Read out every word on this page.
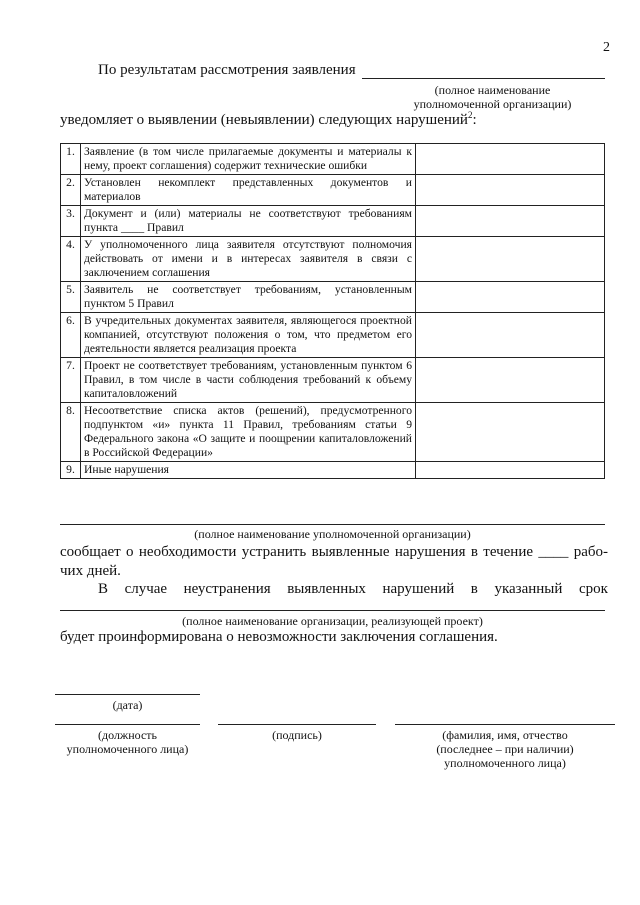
2
По результатам рассмотрения заявления
(полное наименование
уполномоченной организации)
уведомляет о выявлении (невыявлении) следующих нарушений$^2$:
1.	Заявление (в том числе прилагаемые документы и материалы к нему, проект соглашения) содержит технические ошибки	
2.	Установлен некомплект представленных документов и материалов	
3.	Документ и (или) материалы не соответствуют требованиям пункта ____ Правил	
4.	У уполномоченного лица заявителя отсутствуют полномочия действовать от имени и в интересах заявителя в связи с заключением соглашения	
5.	Заявитель не соответствует требованиям, установленным пунктом 5 Правил	
6.	В учредительных документах заявителя, являющегося проектной компанией, отсутствуют положения о том, что предметом его деятельности является реализация проекта	
7.	Проект не соответствует требованиям, установленным пунктом 6 Правил, в том числе в части соблюдения требований к объему капиталовложений	
8.	Несоответствие списка актов (решений), предусмотренного подпунктом «и» пункта 11 Правил, требованиям статьи 9 Федерального закона «О защите и поощрении капиталовложений в Российской Федерации»	
9.	Иные нарушения	
(полное наименование уполномоченной организации)
сообщает о необходимости устранить выявленные нарушения в течение ____ рабо-
чих дней.
В случае неустранения выявленных нарушений в указанный срок
(полное наименование организации, реализующей проект)
будет проинформирована о невозможности заключения соглашения.
(дата)
(должность
уполномоченного лица)
(подпись)	(фамилия, имя, отчество
(последнее – при наличии)
уполномоченного лица)
